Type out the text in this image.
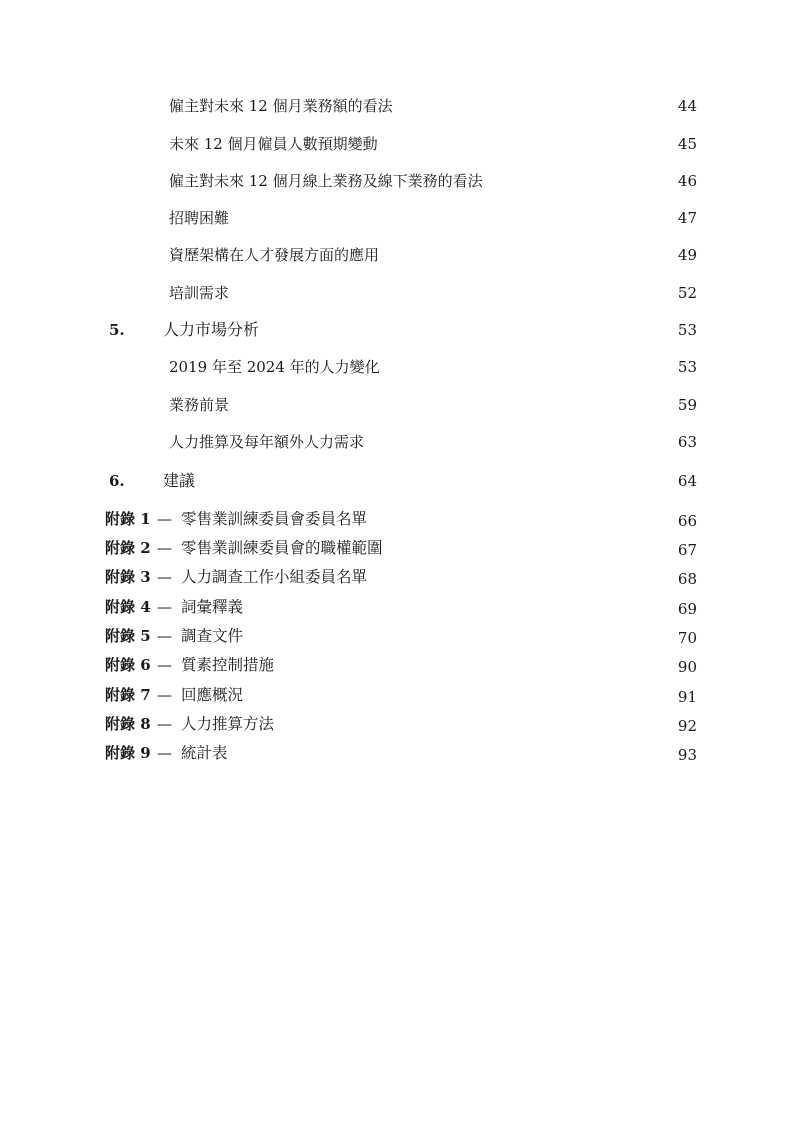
僱主對未來 12 個月業務額的看法	44
未來 12 個月僱員人數預期變動	45
僱主對未來 12 個月線上業務及線下業務的看法	46
招聘困難	47
資歷架構在人才發展方面的應用	49
培訓需求	52
5. 人力市場分析	53
2019 年至 2024 年的人力變化	53
業務前景	59
人力推算及每年額外人力需求	63
6. 建議	64
附錄 1 — 零售業訓練委員會委員名單	66
附錄 2 — 零售業訓練委員會的職權範圍	67
附錄 3 — 人力調查工作小組委員名單	68
附錄 4 — 詞彙釋義	69
附錄 5 — 調查文件	70
附錄 6 — 質素控制措施	90
附錄 7 — 回應概況	91
附錄 8 — 人力推算方法	92
附錄 9 — 統計表	93
